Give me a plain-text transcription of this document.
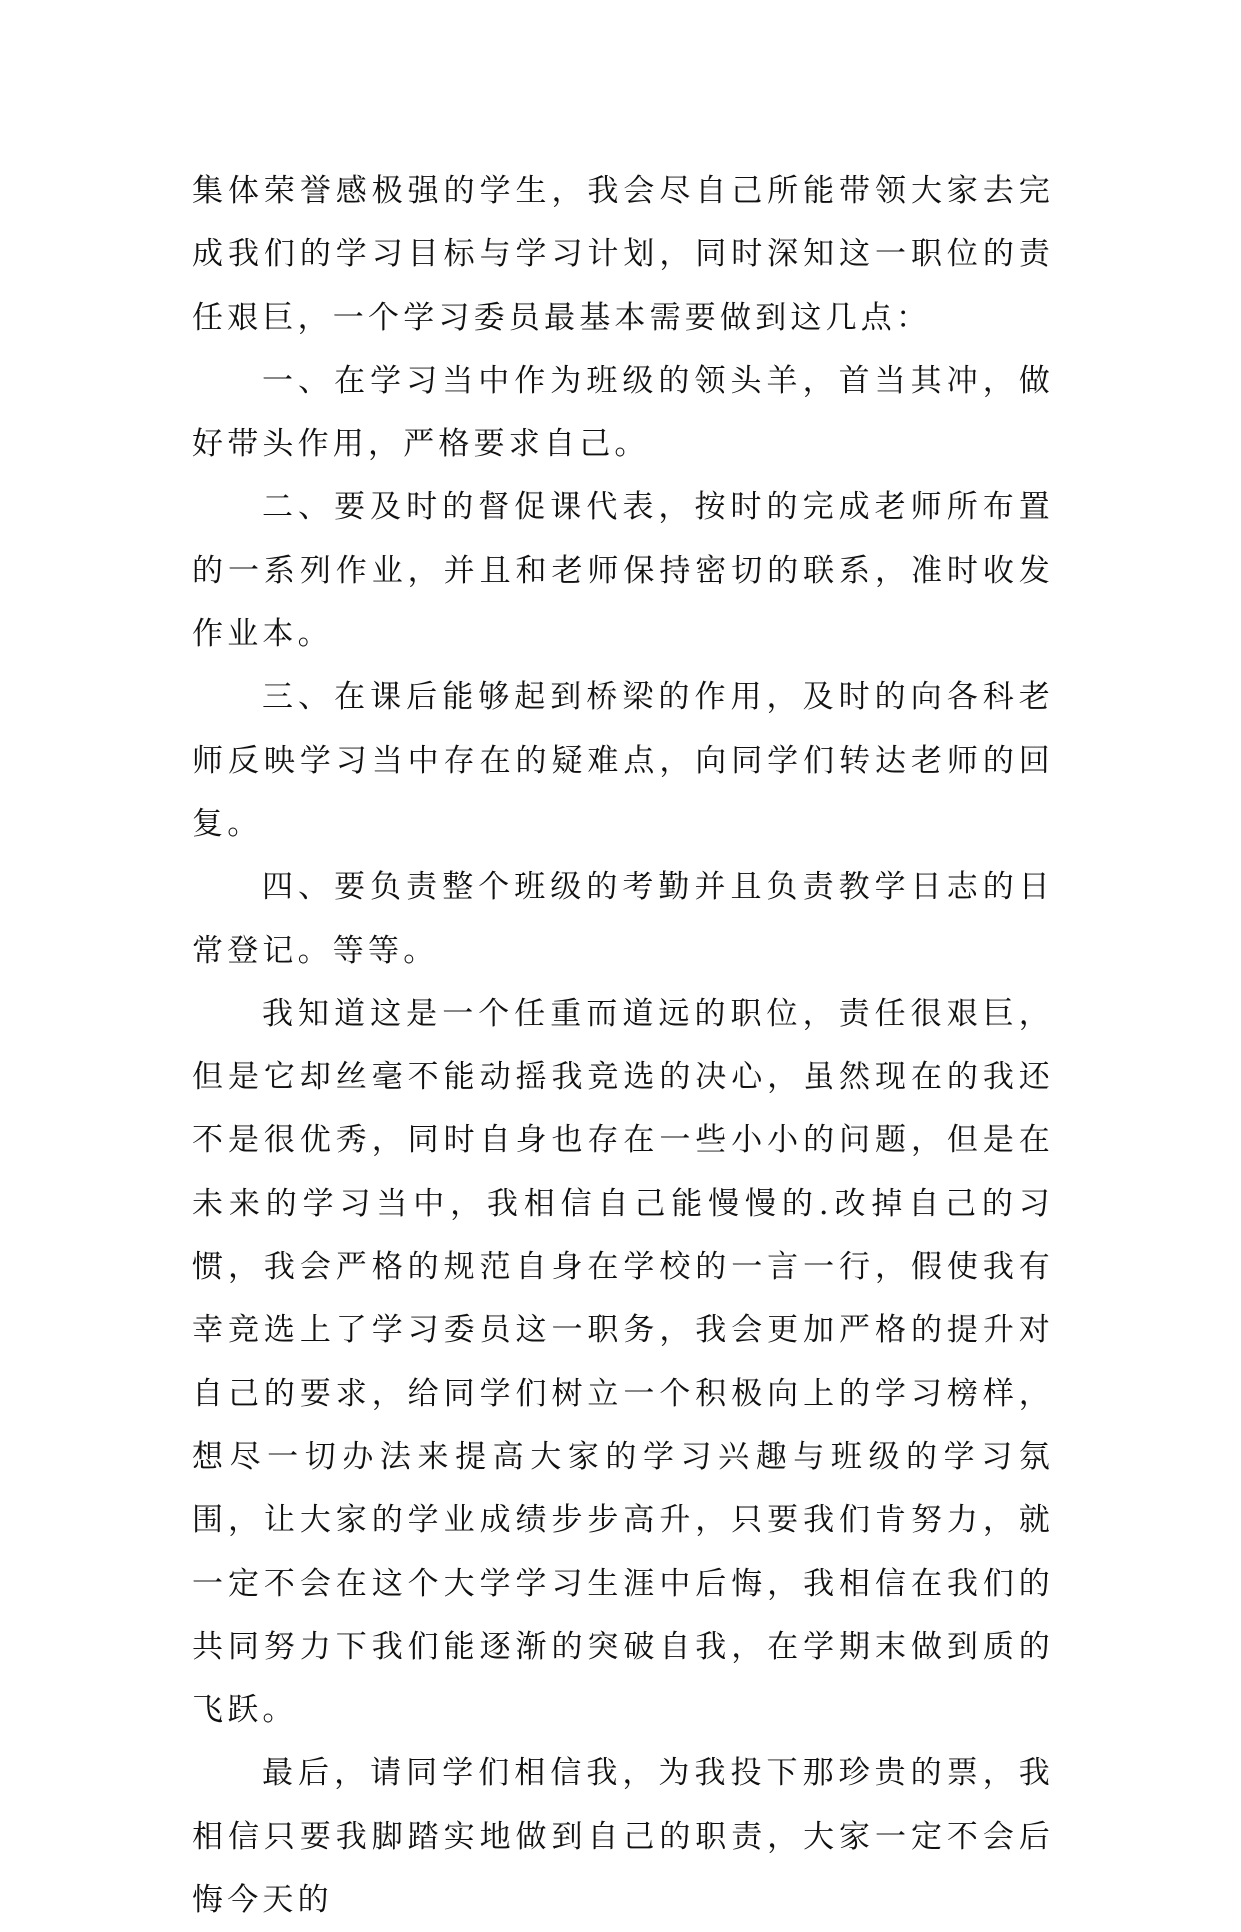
集体荣誉感极强的学生，我会尽自己所能带领大家去完成我们的学习目标与学习计划，同时深知这一职位的责任艰巨，一个学习委员最基本需要做到这几点：

一、在学习当中作为班级的领头羊，首当其冲，做好带头作用，严格要求自己。

二、要及时的督促课代表，按时的完成老师所布置的一系列作业，并且和老师保持密切的联系，准时收发作业本。

三、在课后能够起到桥梁的作用，及时的向各科老师反映学习当中存在的疑难点，向同学们转达老师的回复。

四、要负责整个班级的考勤并且负责教学日志的日常登记。等等。

我知道这是一个任重而道远的职位，责任很艰巨，但是它却丝毫不能动摇我竞选的决心，虽然现在的我还不是很优秀，同时自身也存在一些小小的问题，但是在未来的学习当中，我相信自己能慢慢的.改掉自己的习惯，我会严格的规范自身在学校的一言一行，假使我有幸竞选上了学习委员这一职务，我会更加严格的提升对自己的要求，给同学们树立一个积极向上的学习榜样，想尽一切办法来提高大家的学习兴趣与班级的学习氛围，让大家的学业成绩步步高升，只要我们肯努力，就一定不会在这个大学学习生涯中后悔，我相信在我们的共同努力下我们能逐渐的突破自我，在学期末做到质的飞跃。

最后，请同学们相信我，为我投下那珍贵的票，我相信只要我脚踏实地做到自己的职责，大家一定不会后悔今天的
